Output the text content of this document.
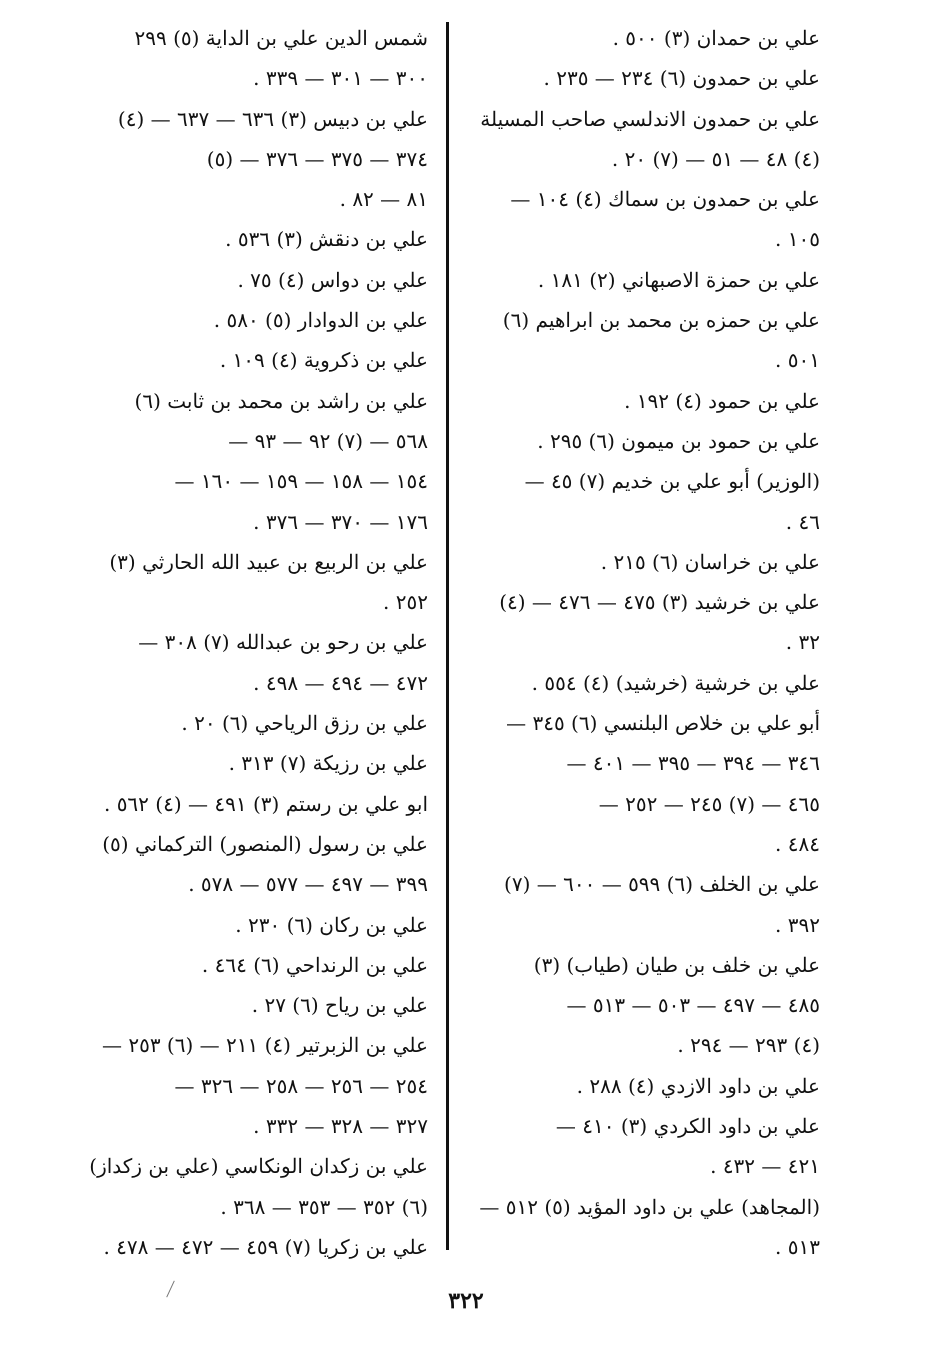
علي بن حمدان (٣) ٥٠٠ .
علي بن حمدون (٦) ٢٣٤ — ٢٣٥ .
علي بن حمدون الاندلسي صاحب المسيلة
(٤) ٤٨ — ٥١ — (٧) ٢٠ .
علي بن حمدون بن سماك (٤) ١٠٤ —
١٠٥ .
علي بن حمزة الاصبهاني (٢) ١٨١ .
علي بن حمزه بن محمد بن ابراهيم (٦)
٥٠١ .
علي بن حمود (٤) ١٩٢ .
علي بن حمود بن ميمون (٦) ٢٩٥ .
(الوزير) أبو علي بن خديم (٧) ٤٥ —
٤٦ .
علي بن خراسان (٦) ٢١٥ .
علي بن خرشيد (٣) ٤٧٥ — ٤٧٦ — (٤)
٣٢ .
علي بن خرشية (خرشيد) (٤) ٥٥٤ .
أبو علي بن خلاص البلنسي (٦) ٣٤٥ —
٣٤٦ — ٣٩٤ — ٣٩٥ — ٤٠١ —
٤٦٥ — (٧) ٢٤٥ — ٢٥٢ —
٤٨٤ .
علي بن الخلف (٦) ٥٩٩ — ٦٠٠ — (٧)
٣٩٢ .
علي بن خلف بن طيان (طياب) (٣)
٤٨٥ — ٤٩٧ — ٥٠٣ — ٥١٣ —
(٤) ٢٩٣ — ٢٩٤ .
علي بن داود الازدي (٤) ٢٨٨ .
علي بن داود الكردي (٣) ٤١٠ —
٤٢١ — ٤٣٢ .
(المجاهد) علي بن داود المؤيد (٥) ٥١٢ —
٥١٣ .
شمس الدين علي بن الداية (٥) ٢٩٩
٣٠٠ — ٣٠١ — ٣٣٩ .
علي بن دبيس (٣) ٦٣٦ — ٦٣٧ — (٤)
٣٧٤ — ٣٧٥ — ٣٧٦ — (٥)
٨١ — ٨٢ .
علي بن دنقش (٣) ٥٣٦ .
علي بن دواس (٤) ٧٥ .
علي بن الدوادار (٥) ٥٨٠ .
علي بن ذكروية (٤) ١٠٩ .
علي بن راشد بن محمد بن ثابت (٦)
٥٦٨ — (٧) ٩٢ — ٩٣ —
١٥٤ — ١٥٨ — ١٥٩ — ١٦٠ —
١٧٦ — ٣٧٠ — ٣٧٦ .
علي بن الربيع بن عبيد الله الحارثي (٣)
٢٥٢ .
علي بن رحو بن عبدالله (٧) ٣٠٨ —
٤٧٢ — ٤٩٤ — ٤٩٨ .
علي بن رزق الرياحي (٦) ٢٠ .
علي بن رزيكة (٧) ٣١٣ .
ابو علي بن رستم (٣) ٤٩١ — (٤) ٥٦٢ .
علي بن رسول (المنصور) التركماني (٥)
٣٩٩ — ٤٩٧ — ٥٧٧ — ٥٧٨ .
علي بن ركان (٦) ٢٣٠ .
علي بن الرنداحي (٦) ٤٦٤ .
علي بن رياح (٦) ٢٧ .
علي بن الزبرتير (٤) ٢١١ — (٦) ٢٥٣ —
٢٥٤ — ٢٥٦ — ٢٥٨ — ٣٢٦ —
٣٢٧ — ٣٢٨ — ٣٣٢ .
علي بن زكدان الونكاسي (علي بن زكداز)
(٦) ٣٥٢ — ٣٥٣ — ٣٦٨ .
علي بن زكريا (٧) ٤٥٩ — ٤٧٢ — ٤٧٨ .
٣٢٢
